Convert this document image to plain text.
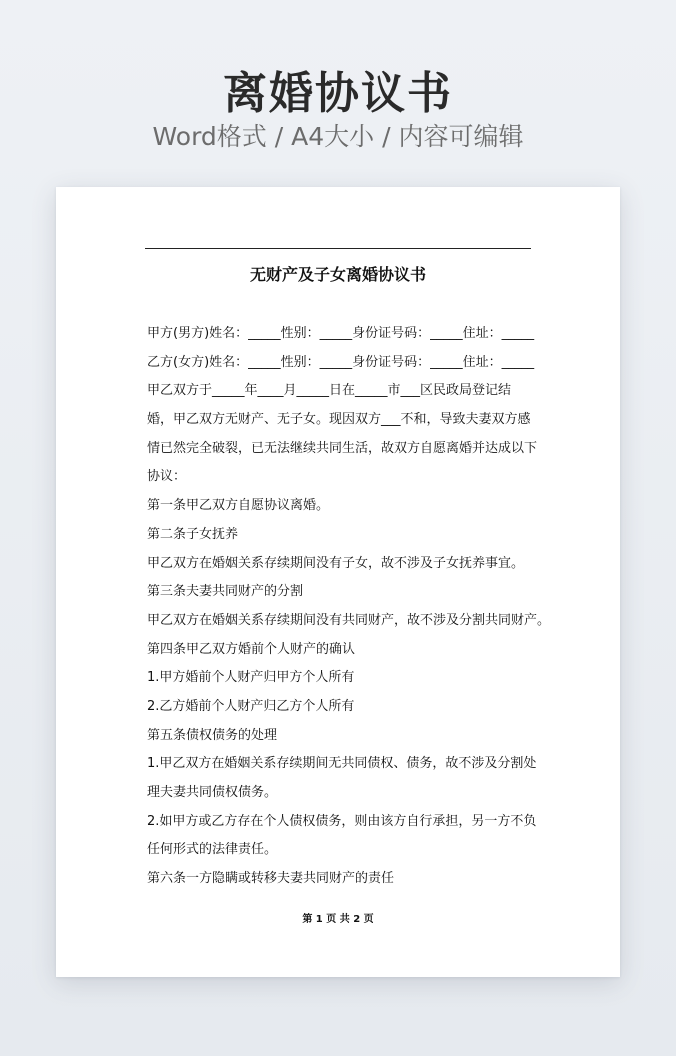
离婚协议书
Word格式 / A4大小 / 内容可编辑
无财产及子女离婚协议书
甲方(男方)姓名：_____性别：_____身份证号码：_____住址：_____
乙方(女方)姓名：_____性别：_____身份证号码：_____住址：_____
甲乙双方于_____年____月_____日在_____市___区民政局登记结
婚，甲乙双方无财产、无子女。现因双方___不和，导致夫妻双方感
情已然完全破裂，已无法继续共同生活，故双方自愿离婚并达成以下
协议：
第一条甲乙双方自愿协议离婚。
第二条子女抚养
甲乙双方在婚姻关系存续期间没有子女，故不涉及子女抚养事宜。
第三条夫妻共同财产的分割
甲乙双方在婚姻关系存续期间没有共同财产，故不涉及分割共同财产。
第四条甲乙双方婚前个人财产的确认
1.甲方婚前个人财产归甲方个人所有
2.乙方婚前个人财产归乙方个人所有
第五条债权债务的处理
1.甲乙双方在婚姻关系存续期间无共同债权、债务，故不涉及分割处
理夫妻共同债权债务。
2.如甲方或乙方存在个人债权债务，则由该方自行承担，另一方不负
任何形式的法律责任。
第六条一方隐瞒或转移夫妻共同财产的责任
第 1 页 共 2 页
